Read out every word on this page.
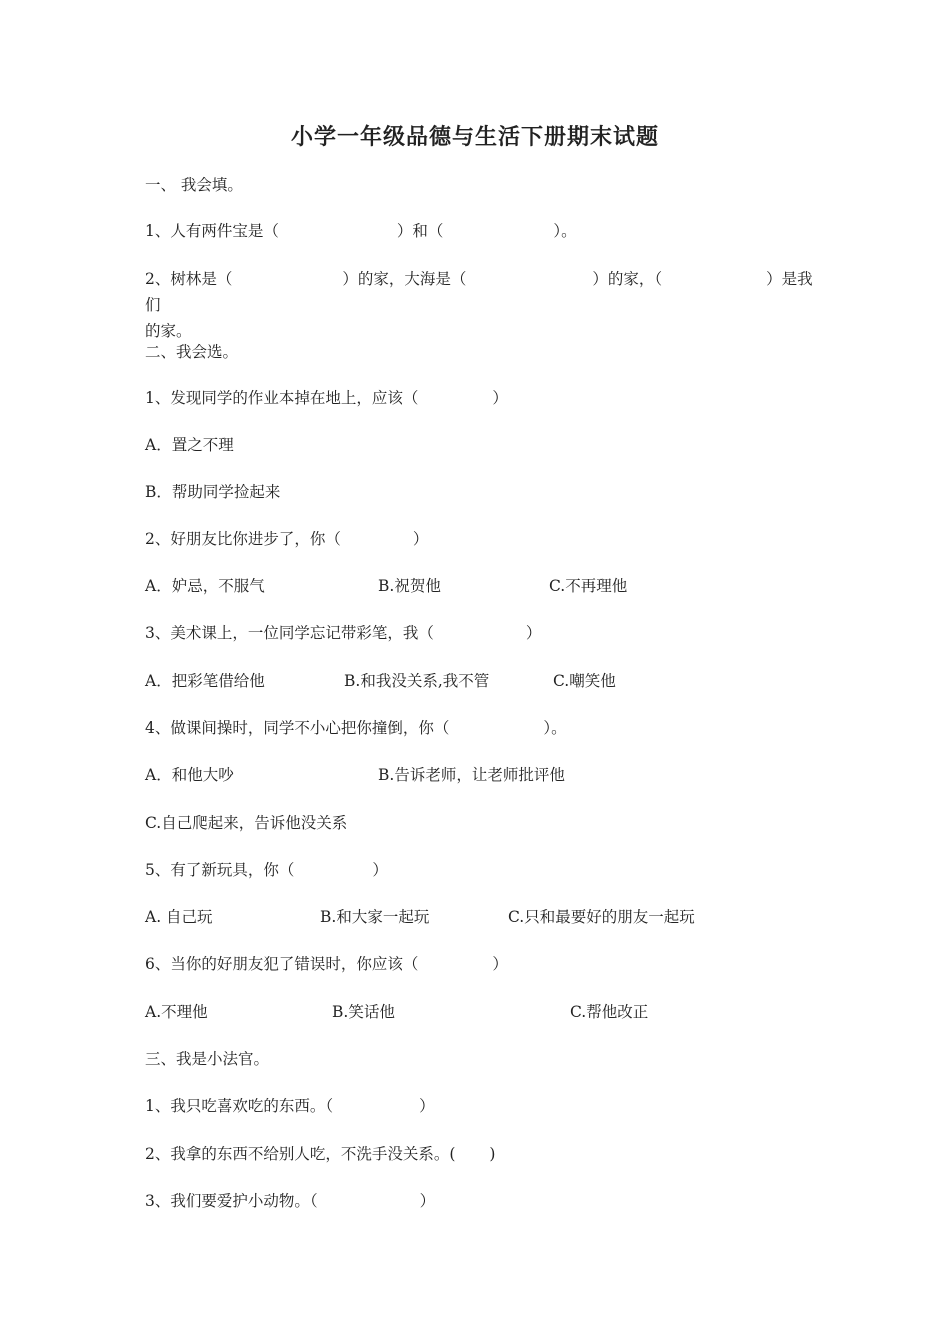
小学一年级品德与生活下册期末试题
一、 我会填。
1、人有两件宝是（	）和（	）。
2、树林是（	）的家，大海是（	）的家，（	）是我们
的家。
二、我会选。
1、发现同学的作业本掉在地上，应该（	）
A．置之不理
B．帮助同学捡起来
2、好朋友比你进步了，你（	）
A．妒忌，不服气	B.祝贺他	C.不再理他
3、美术课上，一位同学忘记带彩笔，我（	）
A．把彩笔借给他	B.和我没关系,我不管	C.嘲笑他
4、做课间操时，同学不小心把你撞倒，你（	）。
A．和他大吵	B.告诉老师，让老师批评他
C.自己爬起来，告诉他没关系
5、有了新玩具，你（	）
A. 自己玩	B.和大家一起玩	C.只和最要好的朋友一起玩
6、当你的好朋友犯了错误时，你应该（	）
A.不理他	B.笑话他	C.帮他改正
三、我是小法官。
1、我只吃喜欢吃的东西。（	）
2、我拿的东西不给别人吃，不洗手没关系。( )
3、我们要爱护小动物。（	）
